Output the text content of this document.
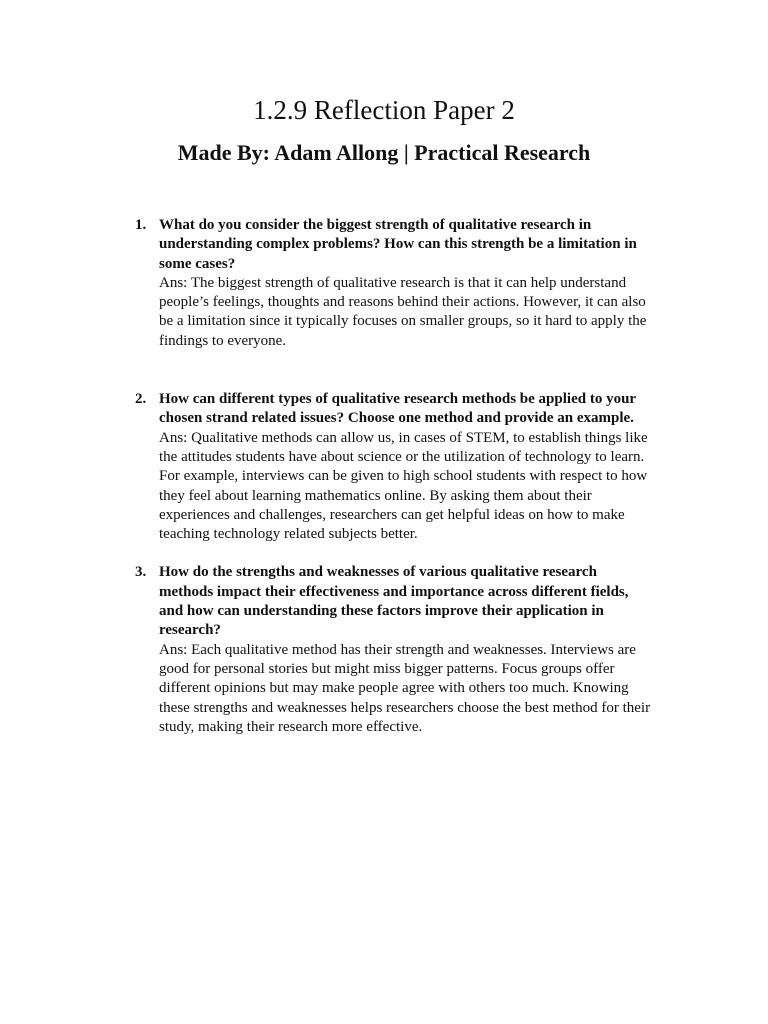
1.2.9 Reflection Paper 2
Made By: Adam Allong | Practical Research
1. What do you consider the biggest strength of qualitative research in understanding complex problems? How can this strength be a limitation in some cases?

Ans: The biggest strength of qualitative research is that it can help understand people’s feelings, thoughts and reasons behind their actions. However, it can also be a limitation since it typically focuses on smaller groups, so it hard to apply the findings to everyone.

2. How can different types of qualitative research methods be applied to your chosen strand related issues? Choose one method and provide an example.

Ans: Qualitative methods can allow us, in cases of STEM, to establish things like the attitudes students have about science or the utilization of technology to learn. For example, interviews can be given to high school students with respect to how they feel about learning mathematics online. By asking them about their experiences and challenges, researchers can get helpful ideas on how to make teaching technology related subjects better.

3. How do the strengths and weaknesses of various qualitative research methods impact their effectiveness and importance across different fields, and how can understanding these factors improve their application in research?

Ans: Each qualitative method has their strength and weaknesses. Interviews are good for personal stories but might miss bigger patterns. Focus groups offer different opinions but may make people agree with others too much. Knowing these strengths and weaknesses helps researchers choose the best method for their study, making their research more effective.
